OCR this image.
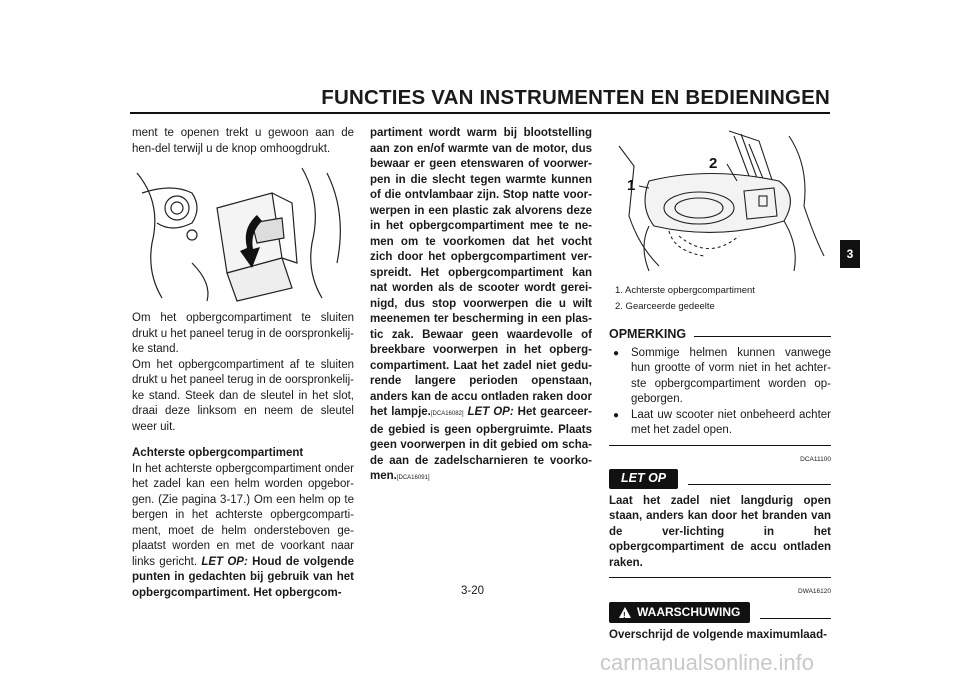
FUNCTIES VAN INSTRUMENTEN EN BEDIENINGEN
3

ment te openen trekt u gewoon aan de hen-del terwijl u de knop omhoogdrukt.

Om het opbergcompartiment te sluiten drukt u het paneel terug in de oorspronkelij-ke stand.

Om het opbergcompartiment af te sluiten drukt u het paneel terug in de oorspronkelij-ke stand. Steek dan de sleutel in het slot, draai deze linksom en neem de sleutel weer uit.

Achterste opbergcompartiment

In het achterste opbergcompartiment onder het zadel kan een helm worden opgebor-gen. (Zie pagina 3-17.) Om een helm op te bergen in het achterste opbergcomparti-ment, moet de helm ondersteboven ge-plaatst worden en met de voorkant naar links gericht. LET OP: Houd de volgende punten in gedachten bij gebruik van het opbergcompartiment. Het opbergcom-

partiment wordt warm bij blootstelling aan zon en/of warmte van de motor, dus bewaar er geen etenswaren of voorwer-pen in die slecht tegen warmte kunnen of die ontvlambaar zijn. Stop natte voor-werpen in een plastic zak alvorens deze in het opbergcompartiment mee te ne-men om te voorkomen dat het vocht zich door het opbergcompartiment ver-spreidt. Het opbergcompartiment kan nat worden als de scooter wordt gerei-nigd, dus stop voorwerpen die u wilt meenemen ter bescherming in een plas-tic zak. Bewaar geen waardevolle of breekbare voorwerpen in het opberg-compartiment. Laat het zadel niet gedu-rende langere perioden openstaan, anders kan de accu ontladen raken door het lampje.[DCA16082] LET OP: Het gearceer-de gebied is geen opbergruimte. Plaats geen voorwerpen in dit gebied om scha-de aan de zadelscharnieren te voorko-men.[DCA16091]

1
2
1. Achterste opbergcompartiment
2. Gearceerde gedeelte
OPMERKING
● Sommige helmen kunnen vanwege hun grootte of vorm niet in het achter-ste opbergcompartiment worden op-geborgen.
● Laat uw scooter niet onbeheerd achter met het zadel open.
DCA11100
LET OP

Laat het zadel niet langdurig open staan, anders kan door het branden van de ver-lichting in het opbergcompartiment de accu ontladen raken.

DWA16120
! WAARSCHUWING

Overschrijd de volgende maximumlaad-

3-20
carmanualsonline.info
